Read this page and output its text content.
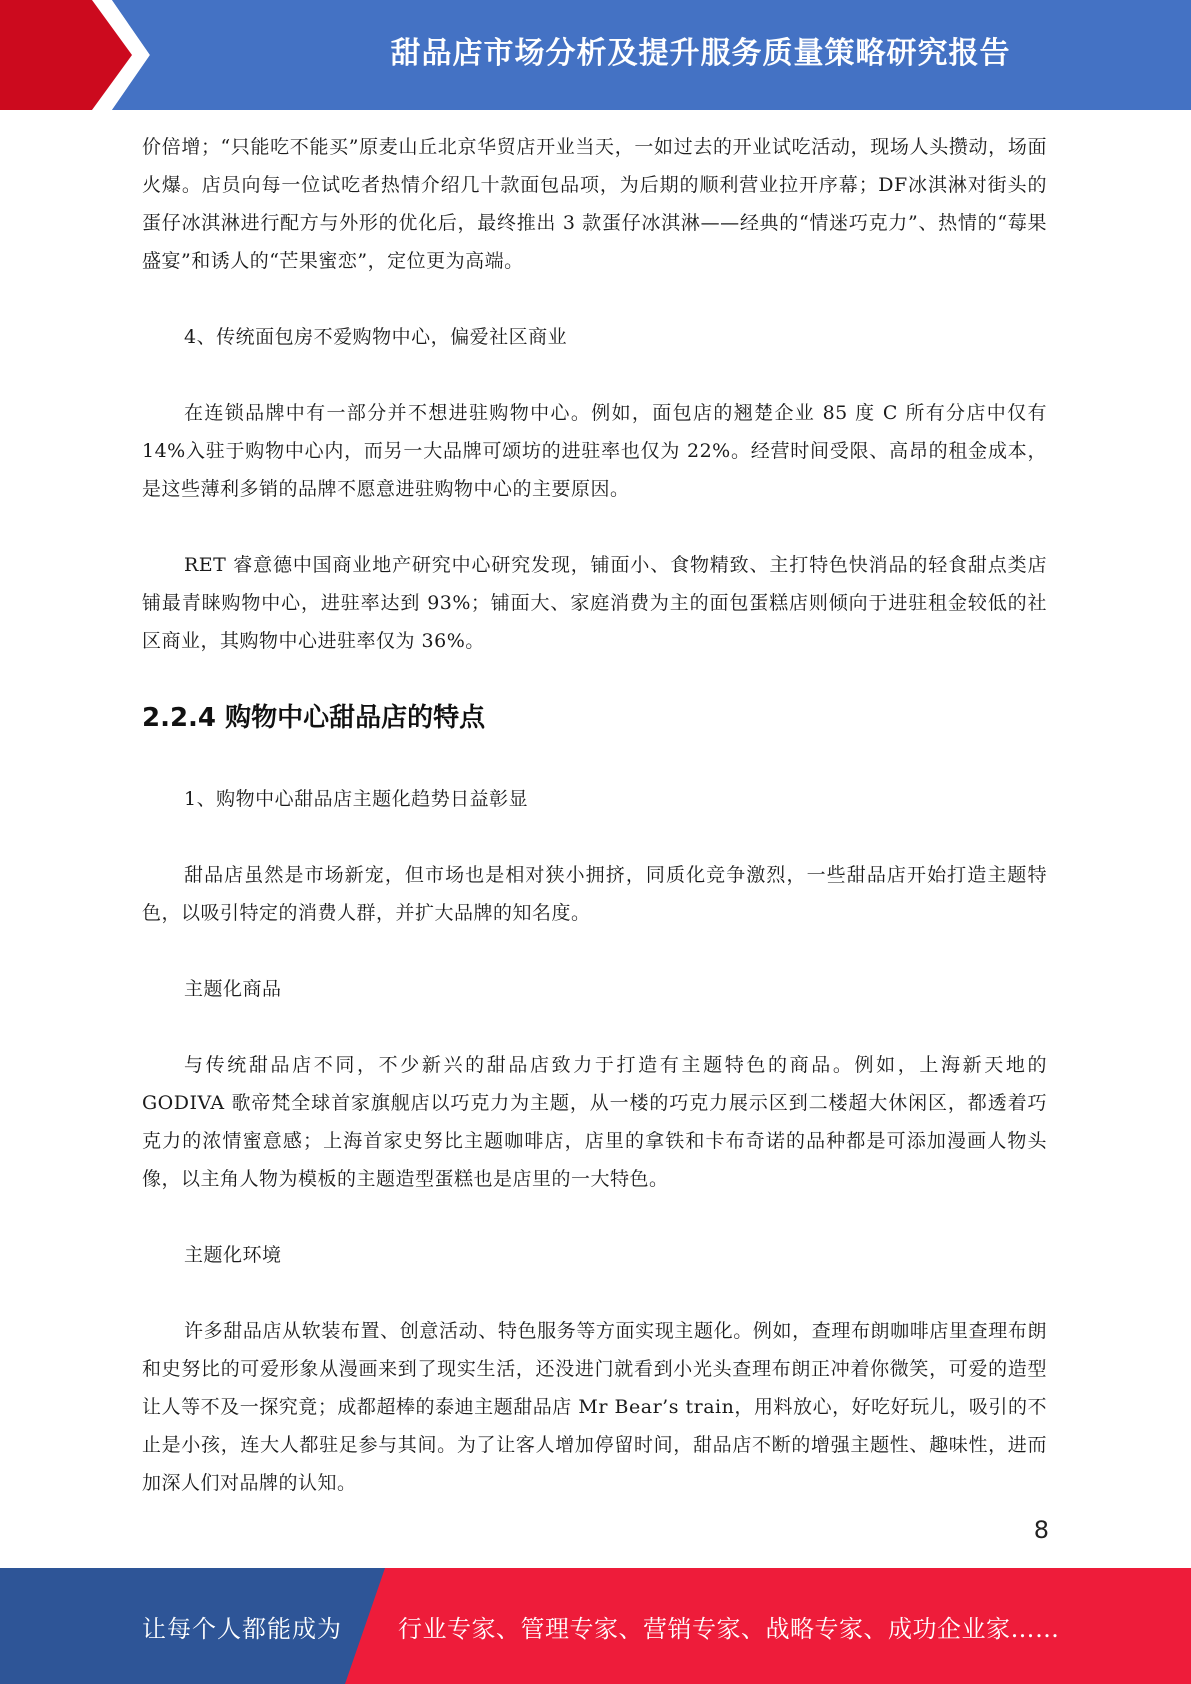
甜品店市场分析及提升服务质量策略研究报告

价倍增；“只能吃不能买”原麦山丘北京华贸店开业当天，一如过去的开业试吃活动，现场人头攒动，场面火爆。店员向每一位试吃者热情介绍几十款面包品项，为后期的顺利营业拉开序幕；DF冰淇淋对街头的蛋仔冰淇淋进行配方与外形的优化后，最终推出 3 款蛋仔冰淇淋——经典的“情迷巧克力”、热情的“莓果盛宴”和诱人的“芒果蜜恋”，定位更为高端。

4、传统面包房不爱购物中心，偏爱社区商业

在连锁品牌中有一部分并不想进驻购物中心。例如，面包店的翘楚企业 85 度 C 所有分店中仅有 14%入驻于购物中心内，而另一大品牌可颂坊的进驻率也仅为 22%。经营时间受限、高昂的租金成本，是这些薄利多销的品牌不愿意进驻购物中心的主要原因。

RET 睿意德中国商业地产研究中心研究发现，铺面小、食物精致、主打特色快消品的轻食甜点类店铺最青睐购物中心，进驻率达到 93%；铺面大、家庭消费为主的面包蛋糕店则倾向于进驻租金较低的社区商业，其购物中心进驻率仅为 36%。

2.2.4 购物中心甜品店的特点

1、购物中心甜品店主题化趋势日益彰显

甜品店虽然是市场新宠，但市场也是相对狭小拥挤，同质化竞争激烈，一些甜品店开始打造主题特色，以吸引特定的消费人群，并扩大品牌的知名度。

主题化商品

与传统甜品店不同，不少新兴的甜品店致力于打造有主题特色的商品。例如，上海新天地的 GODIVA 歌帝梵全球首家旗舰店以巧克力为主题，从一楼的巧克力展示区到二楼超大休闲区，都透着巧克力的浓情蜜意感；上海首家史努比主题咖啡店，店里的拿铁和卡布奇诺的品种都是可添加漫画人物头像，以主角人物为模板的主题造型蛋糕也是店里的一大特色。

主题化环境

许多甜品店从软装布置、创意活动、特色服务等方面实现主题化。例如，查理布朗咖啡店里查理布朗和史努比的可爱形象从漫画来到了现实生活，还没进门就看到小光头查理布朗正冲着你微笑，可爱的造型让人等不及一探究竟；成都超棒的泰迪主题甜品店 Mr Bear’s train，用料放心，好吃好玩儿，吸引的不止是小孩，连大人都驻足参与其间。为了让客人增加停留时间，甜品店不断的增强主题性、趣味性，进而加深人们对品牌的认知。

8
让每个人都能成为 行业专家、管理专家、营销专家、战略专家、成功企业家……
